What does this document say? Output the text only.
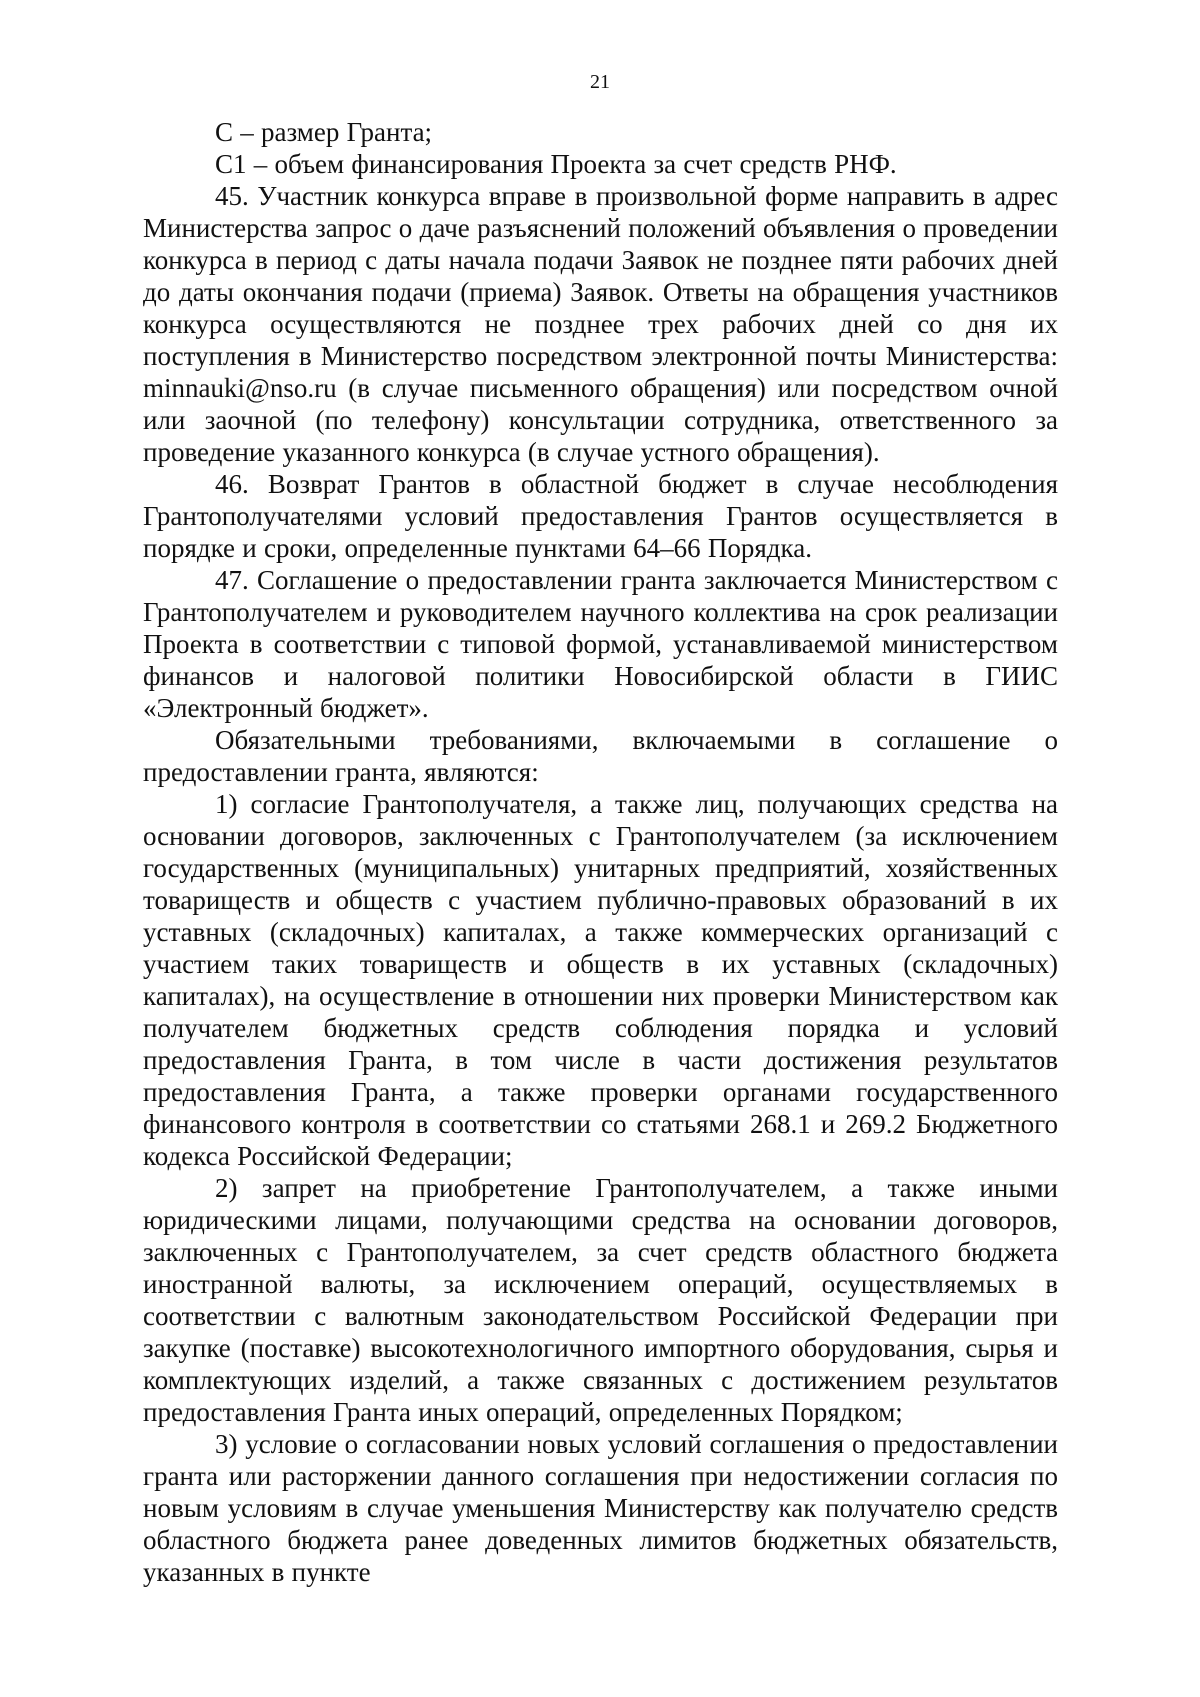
21

С – размер Гранта;

С1 – объем финансирования Проекта за счет средств РНФ.

45. Участник конкурса вправе в произвольной форме направить в адрес Министерства запрос о даче разъяснений положений объявления о проведении конкурса в период с даты начала подачи Заявок не позднее пяти рабочих дней до даты окончания подачи (приема) Заявок. Ответы на обращения участников конкурса осуществляются не позднее трех рабочих дней со дня их поступления в Министерство посредством электронной почты Министерства: minnauki@nso.ru (в случае письменного обращения) или посредством очной или заочной (по телефону) консультации сотрудника, ответственного за проведение указанного конкурса (в случае устного обращения).

46. Возврат Грантов в областной бюджет в случае несоблюдения Грантополучателями условий предоставления Грантов осуществляется в порядке и сроки, определенные пунктами 64–66 Порядка.

47. Соглашение о предоставлении гранта заключается Министерством с Грантополучателем и руководителем научного коллектива на срок реализации Проекта в соответствии с типовой формой, устанавливаемой министерством финансов и налоговой политики Новосибирской области в ГИИС «Электронный бюджет».

Обязательными требованиями, включаемыми в соглашение о предоставлении гранта, являются:

1) согласие Грантополучателя, а также лиц, получающих средства на основании договоров, заключенных с Грантополучателем (за исключением государственных (муниципальных) унитарных предприятий, хозяйственных товариществ и обществ с участием публично-правовых образований в их уставных (складочных) капиталах, а также коммерческих организаций с участием таких товариществ и обществ в их уставных (складочных) капиталах), на осуществление в отношении них проверки Министерством как получателем бюджетных средств соблюдения порядка и условий предоставления Гранта, в том числе в части достижения результатов предоставления Гранта, а также проверки органами государственного финансового контроля в соответствии со статьями 268.1 и 269.2 Бюджетного кодекса Российской Федерации;

2) запрет на приобретение Грантополучателем, а также иными юридическими лицами, получающими средства на основании договоров, заключенных с Грантополучателем, за счет средств областного бюджета иностранной валюты, за исключением операций, осуществляемых в соответствии с валютным законодательством Российской Федерации при закупке (поставке) высокотехнологичного импортного оборудования, сырья и комплектующих изделий, а также связанных с достижением результатов предоставления Гранта иных операций, определенных Порядком;

3) условие о согласовании новых условий соглашения о предоставлении гранта или расторжении данного соглашения при недостижении согласия по новым условиям в случае уменьшения Министерству как получателю средств областного бюджета ранее доведенных лимитов бюджетных обязательств, указанных в пункте
